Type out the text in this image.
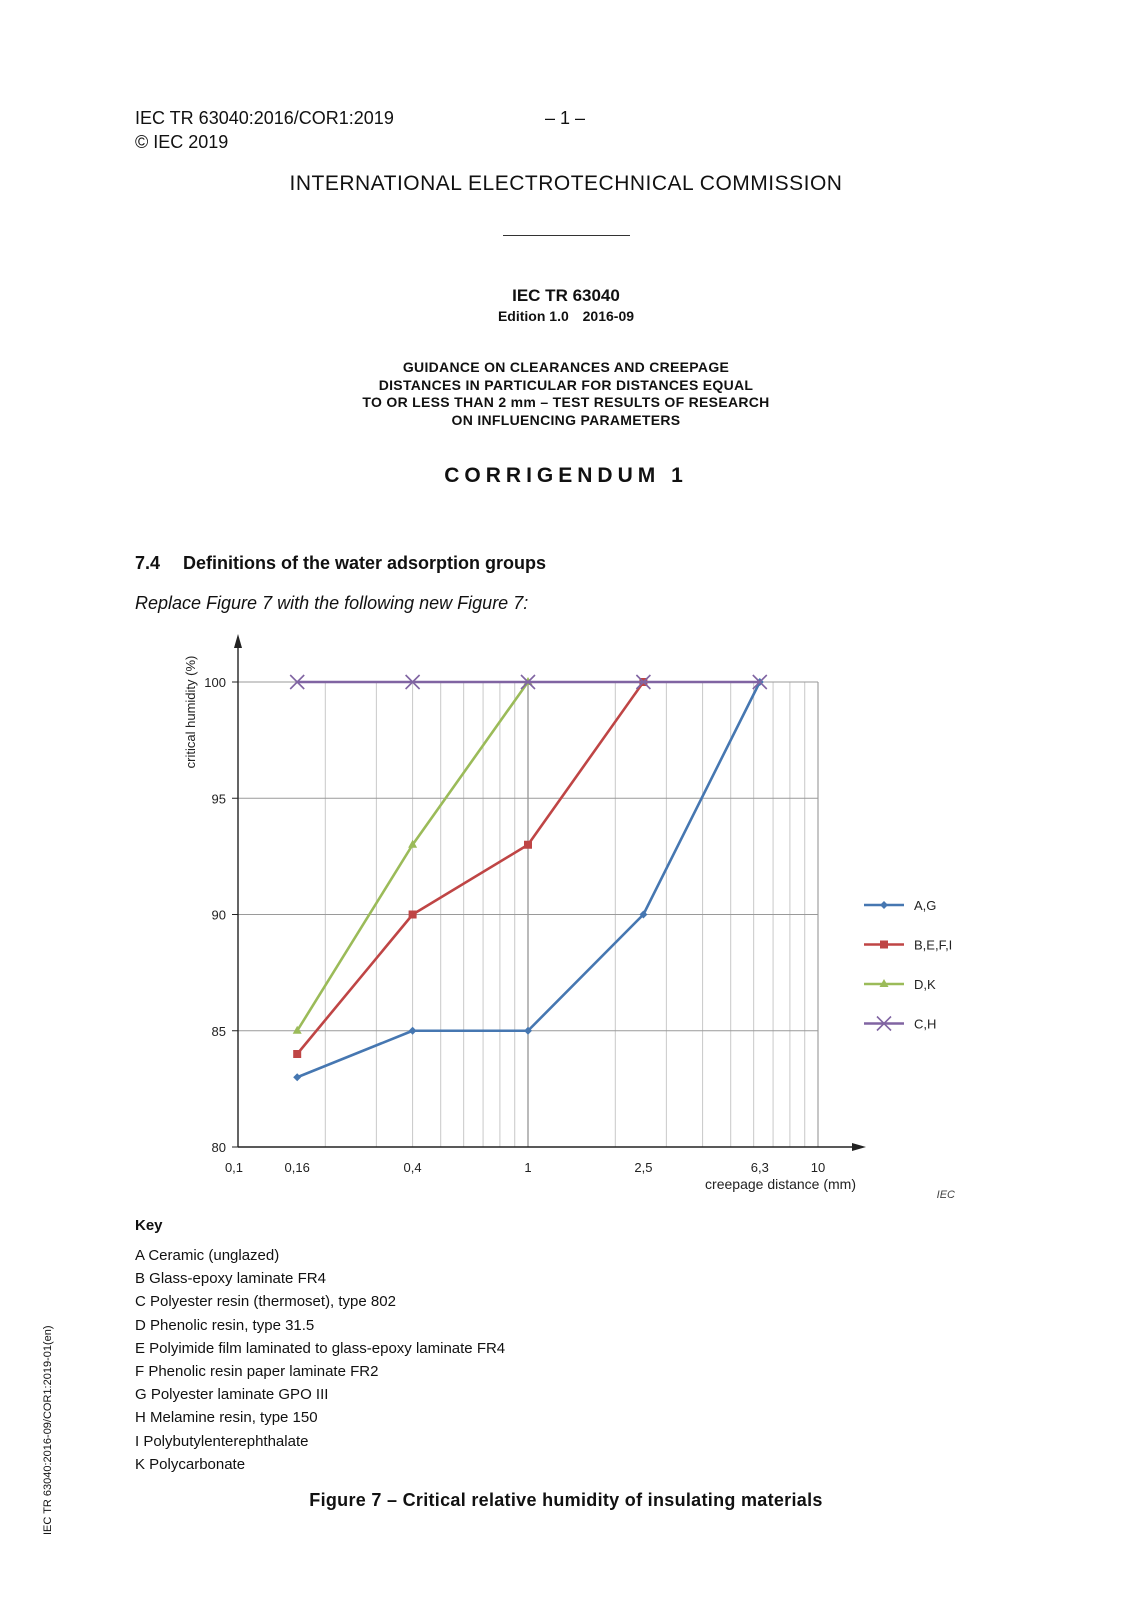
IEC TR 63040:2016/COR1:2019
© IEC 2019
– 1 –
INTERNATIONAL ELECTROTECHNICAL COMMISSION
IEC TR 63040
Edition 1.0 2016-09
GUIDANCE ON CLEARANCES AND CREEPAGE
DISTANCES IN PARTICULAR FOR DISTANCES EQUAL
TO OR LESS THAN 2 mm – TEST RESULTS OF RESEARCH
ON INFLUENCING PARAMETERS
CORRIGENDUM 1
7.4 Definitions of the water adsorption groups
Replace Figure 7 with the following new Figure 7:
80
85
90
95
100
0,1	0,16	0,4	1	2,5	6,3	10
creepage distance (mm)
critical humidity (%)
IEC
A,G
B,E,F,I
D,K
C,H
Key
A Ceramic (unglazed)
B Glass-epoxy laminate FR4
C Polyester resin (thermoset), type 802
D Phenolic resin, type 31.5
E Polyimide film laminated to glass-epoxy laminate FR4
F Phenolic resin paper laminate FR2
G Polyester laminate GPO III
H Melamine resin, type 150
I Polybutylenterephthalate
K Polycarbonate
Figure 7 – Critical relative humidity of insulating materials
IEC TR 63040:2016-09/COR1:2019-01(en)
